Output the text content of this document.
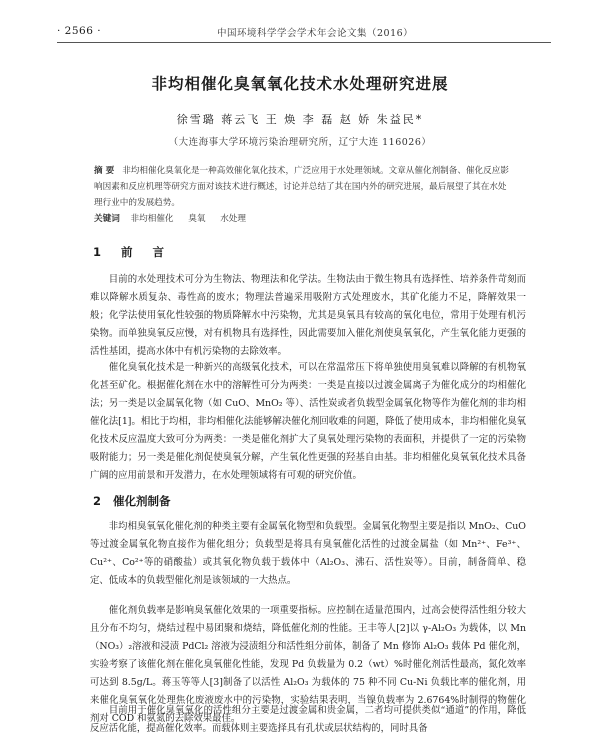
· 2566 ·	中国环境科学学会学术年会论文集（2016）
非均相催化臭氧氧化技术水处理研究进展
徐雪璐 蒋云飞 王 焕 李 磊 赵 娇 朱益民*
（大连海事大学环境污染治理研究所，辽宁大连 116026）
摘 要 非均相催化臭氧化是一种高效催化氧化技术，广泛应用于水处理领域。文章从催化剂制备、催化反应影响因素和反应机理等研究方面对该技术进行概述，讨论并总结了其在国内外的研究进展，最后展望了其在水处理行业中的发展趋势。
关键词 非均相催化 臭氧 水处理
1 前 言
目前的水处理技术可分为生物法、物理法和化学法。生物法由于微生物具有选择性、培养条件苛刻而难以降解水质复杂、毒性高的废水；物理法普遍采用吸附方式处理废水，其矿化能力不足，降解效果一般；化学法使用氧化性较强的物质降解水中污染物，尤其是臭氧具有较高的氧化电位，常用于处理有机污染物。而单独臭氧反应慢，对有机物具有选择性，因此需要加入催化剂使臭氧氧化，产生氧化能力更强的活性基团，提高水体中有机污染物的去除效率。
催化臭氧化技术是一种新兴的高级氧化技术，可以在常温常压下将单独使用臭氧难以降解的有机物氧化甚至矿化。根据催化剂在水中的溶解性可分为两类：一类是直接以过渡金属离子为催化成分的均相催化法；另一类是以金属氧化物（如 CuO、MnO₂ 等）、活性炭或者负载型金属氧化物等作为催化剂的非均相催化法[1]。相比于均相，非均相催化法能够解决催化剂回收难的问题，降低了使用成本，非均相催化臭氧化技术反应温度大致可分为两类：一类是催化剂扩大了臭氧处理污染物的表面积，并提供了一定的污染物吸附能力；另一类是催化剂促使臭氧分解，产生氧化性更强的羟基自由基。非均相催化臭氧氧化技术具备广阔的应用前景和开发潜力，在水处理领域将有可观的研究价值。
2 催化剂制备
非均相臭氧氧化催化剂的种类主要有金属氧化物型和负载型。金属氧化物型主要是指以 MnO₂、CuO 等过渡金属氧化物直接作为催化组分；负载型是将具有臭氧催化活性的过渡金属盐（如 Mn²⁺、Fe³⁺、Cu²⁺、Co²⁺等的硝酸盐）或其氧化物负载于载体中（Al₂O₃、沸石、活性炭等）。目前，制备简单、稳定、低成本的负载型催化剂是该领域的一大热点。
催化剂负载率是影响臭氧催化效果的一项重要指标。应控制在适量范围内，过高会使得活性组分较大且分布不均匀，烧结过程中易团聚和烧结，降低催化剂的性能。王丰等人[2]以 γ-Al₂O₃ 为载体，以 Mn（NO₃）₂溶液和浸渍 PdCl₂ 溶液为浸渍组分和活性组分前体，制备了 Mn 修饰 Al₂O₃ 载体 Pd 催化剂，实验考察了该催化剂在催化臭氧催化性能，发现 Pd 负载量为 0.2（wt）%时催化剂活性最高，氮化效率可达到 8.5g/L。蒋玉等等人[3]制备了以活性 Al₂O₃ 为载体的 75 种不同 Cu-Ni 负载比率的催化剂，用来催化臭氧氧化处理焦化废液废水中的污染物，实验结果表明，当镍负载率为 2.6764%时制得的物催化剂对 COD 和氨氮的去除效果最佳。
目前用于催化臭氧氧化的活性组分主要是过渡金属和贵金属，二者均可提供类似“通道”的作用，降低反应活化能，提高催化效率。而载体则主要选择具有孔状或层状结构的，同时具备
